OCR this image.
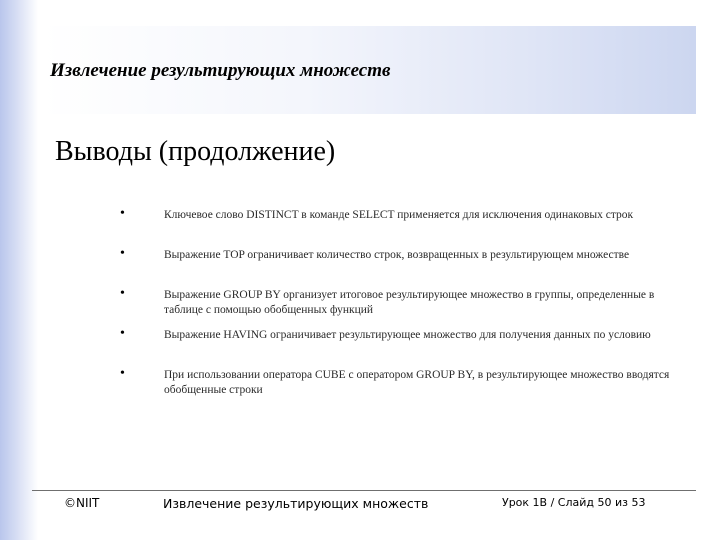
Извлечение результирующих множеств
Выводы (продолжение)
•	Ключевое слово DISTINCT в команде SELECT применяется для исключения одинаковых строк
•	Выражение TOP ограничивает количество строк, возвращенных в результирующем множестве
•	Выражение GROUP BY организует итоговое результирующее множество в группы, определенные в таблице с помощью обобщенных функций
•	Выражение HAVING ограничивает результирующее множество для получения данных по условию
•	При использовании оператора CUBE с оператором GROUP BY, в результирующее множество вводятся обобщенные строки
©NIIT	Извлечение результирующих множеств	Урок 1B / Слайд 50 из 53
